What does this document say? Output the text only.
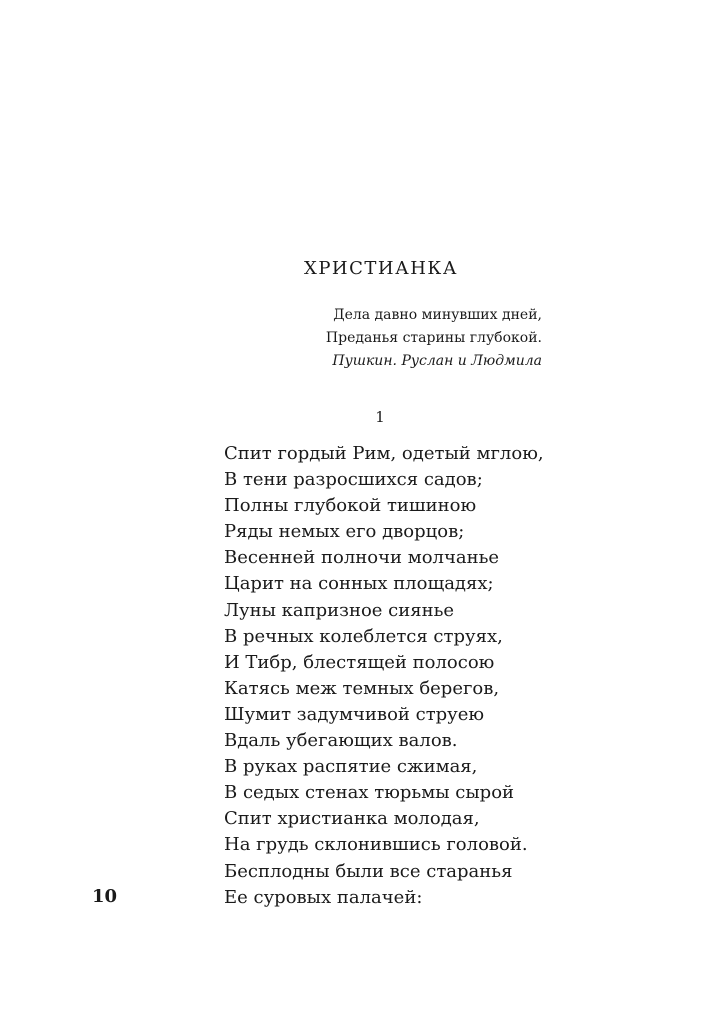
ХРИСТИАНКА
Дела давно минувших дней,
Преданья старины глубокой.
Пушкин. Руслан и Людмила
1
Спит гордый Рим, одетый мглою,
В тени разросшихся садов;
Полны глубокой тишиною
Ряды немых его дворцов;
Весенней полночи молчанье
Царит на сонных площадях;
Луны капризное сиянье
В речных колеблется струях,
И Тибр, блестящей полосою
Катясь меж темных берегов,
Шумит задумчивой струею
Вдаль убегающих валов.
В руках распятие сжимая,
В седых стенах тюрьмы сырой
Спит христианка молодая,
На грудь склонившись головой.
Бесплодны были все старанья
Ее суровых палачей:
10
